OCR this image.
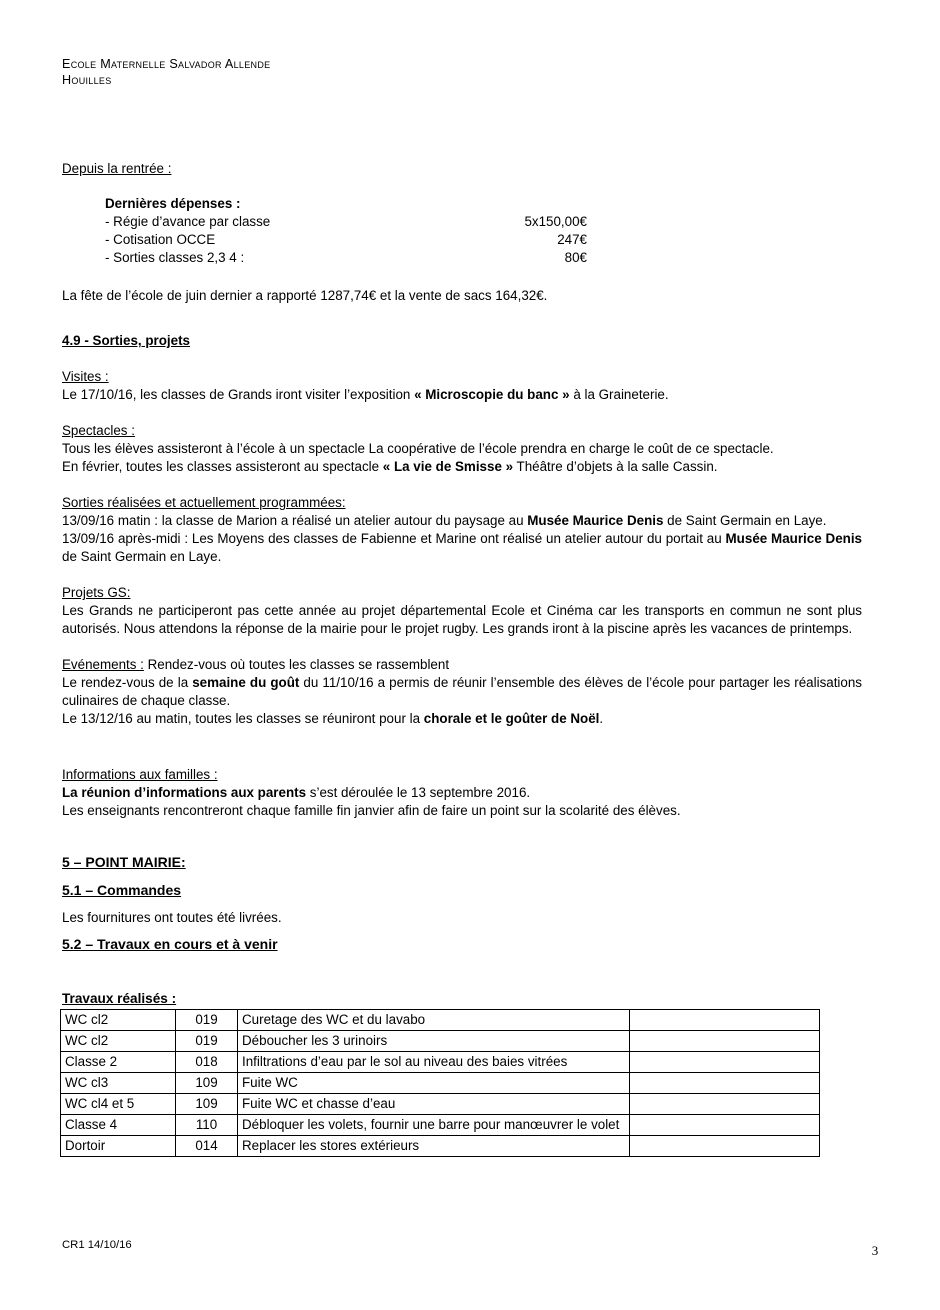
Ecole Maternelle Salvador Allende
Houilles

Depuis la rentrée :

Dernières dépenses :

- Régie d’avance par classe	5x150,00€
- Cotisation OCCE	247€
- Sorties classes 2,3 4 :	80€

La fête de l’école de juin dernier a rapporté 1287,74€ et la vente de sacs 164,32€.

4.9 - Sorties, projets

Visites :

Le 17/10/16, les classes de Grands iront visiter l’exposition « Microscopie du banc » à la Graineterie.

Spectacles :

Tous les élèves assisteront à l’école à un spectacle La coopérative de l’école prendra en charge le coût de ce spectacle.

En février, toutes les classes assisteront au spectacle « La vie de Smisse » Théâtre d’objets à la salle Cassin.

Sorties réalisées et actuellement programmées:

13/09/16 matin : la classe de Marion a réalisé un atelier autour du paysage au Musée Maurice Denis de Saint Germain en Laye.

13/09/16 après-midi : Les Moyens des classes de Fabienne et Marine ont réalisé un atelier autour du portait au Musée Maurice Denis de Saint Germain en Laye.

Projets GS:

Les Grands ne participeront pas cette année au projet départemental Ecole et Cinéma car les transports en commun ne sont plus autorisés. Nous attendons la réponse de la mairie pour le projet rugby. Les grands iront à la piscine après les vacances de printemps.

Evénements : Rendez-vous où toutes les classes se rassemblent

Le rendez-vous de la semaine du goût du 11/10/16 a permis de réunir l’ensemble des élèves de l’école pour partager les réalisations culinaires de chaque classe.

Le 13/12/16 au matin, toutes les classes se réuniront pour la chorale et le goûter de Noël.

Informations aux familles :

La réunion d’informations aux parents s’est déroulée le 13 septembre 2016.

Les enseignants rencontreront chaque famille fin janvier afin de faire un point sur la scolarité des élèves.

5 – POINT MAIRIE:

5.1 – Commandes

Les fournitures ont toutes été livrées.

5.2 – Travaux en cours et à venir

Travaux réalisés :

WC cl2	019	Curetage des WC et du lavabo	
WC cl2	019	Déboucher les 3 urinoirs	
Classe 2	018	Infiltrations d’eau par le sol au niveau des baies vitrées	
WC cl3	109	Fuite WC	
WC cl4 et 5	109	Fuite WC et chasse d’eau	
Classe 4	110	Débloquer les volets, fournir une barre pour manœuvrer le volet	
Dortoir	014	Replacer les stores extérieurs	
CR1 14/10/16	3
